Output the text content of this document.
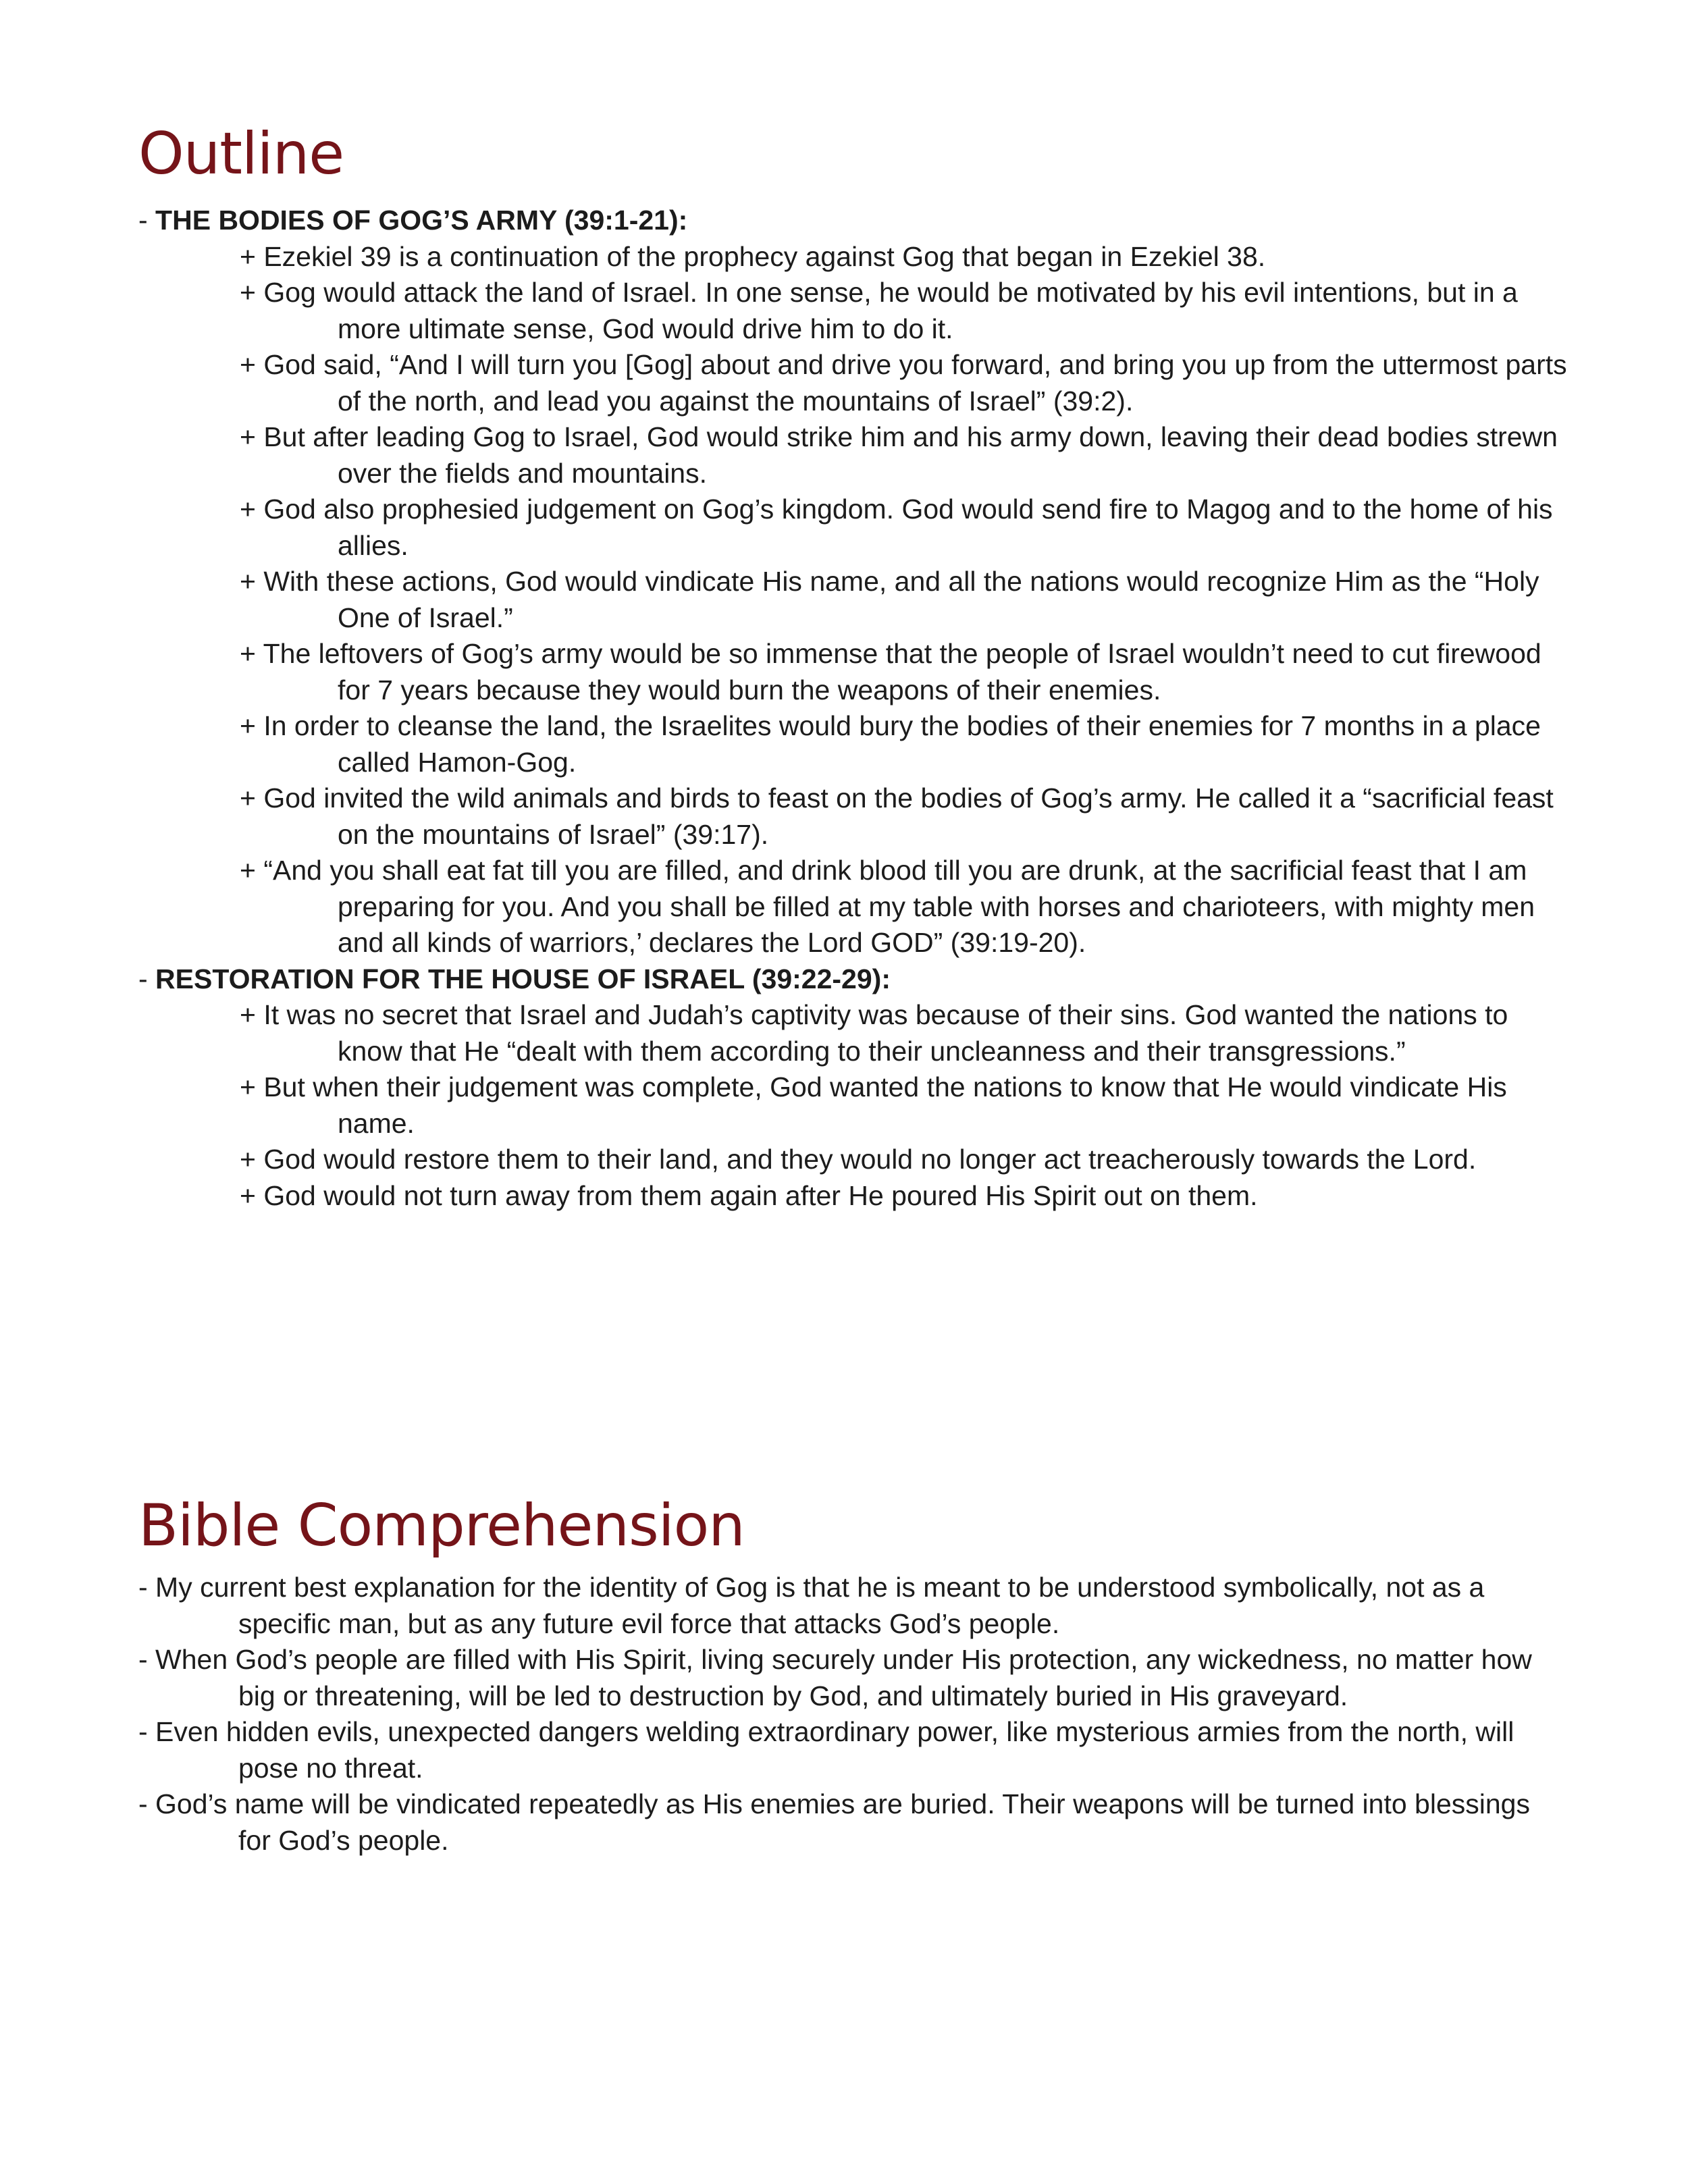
Outline
- THE BODIES OF GOG’S ARMY (39:1-21):
+ Ezekiel 39 is a continuation of the prophecy against Gog that began in Ezekiel 38.
+ Gog would attack the land of Israel. In one sense, he would be motivated by his evil intentions, but in a more ultimate sense, God would drive him to do it.
+ God said, “And I will turn you [Gog] about and drive you forward, and bring you up from the uttermost parts of the north, and lead you against the mountains of Israel” (39:2).
+ But after leading Gog to Israel, God would strike him and his army down, leaving their dead bodies strewn over the fields and mountains.
+ God also prophesied judgement on Gog’s kingdom. God would send fire to Magog and to the home of his allies.
+ With these actions, God would vindicate His name, and all the nations would recognize Him as the “Holy One of Israel.”
+ The leftovers of Gog’s army would be so immense that the people of Israel wouldn’t need to cut firewood for 7 years because they would burn the weapons of their enemies.
+ In order to cleanse the land, the Israelites would bury the bodies of their enemies for 7 months in a place called Hamon-Gog.
+ God invited the wild animals and birds to feast on the bodies of Gog’s army. He called it a “sacrificial feast on the mountains of Israel” (39:17).
+ “And you shall eat fat till you are filled, and drink blood till you are drunk, at the sacrificial feast that I am preparing for you. And you shall be filled at my table with horses and charioteers, with mighty men and all kinds of warriors,’ declares the Lord GOD” (39:19-20).
- RESTORATION FOR THE HOUSE OF ISRAEL (39:22-29):
+ It was no secret that Israel and Judah’s captivity was because of their sins. God wanted the nations to know that He “dealt with them according to their uncleanness and their transgressions.”
+ But when their judgement was complete, God wanted the nations to know that He would vindicate His name.
+ God would restore them to their land, and they would no longer act treacherously towards the Lord.
+ God would not turn away from them again after He poured His Spirit out on them.
Bible Comprehension
- My current best explanation for the identity of Gog is that he is meant to be understood symbolically, not as a specific man, but as any future evil force that attacks God’s people.
- When God’s people are filled with His Spirit, living securely under His protection, any wickedness, no matter how big or threatening, will be led to destruction by God, and ultimately buried in His graveyard.
- Even hidden evils, unexpected dangers welding extraordinary power, like mysterious armies from the north, will pose no threat.
- God’s name will be vindicated repeatedly as His enemies are buried. Their weapons will be turned into blessings for God’s people.
